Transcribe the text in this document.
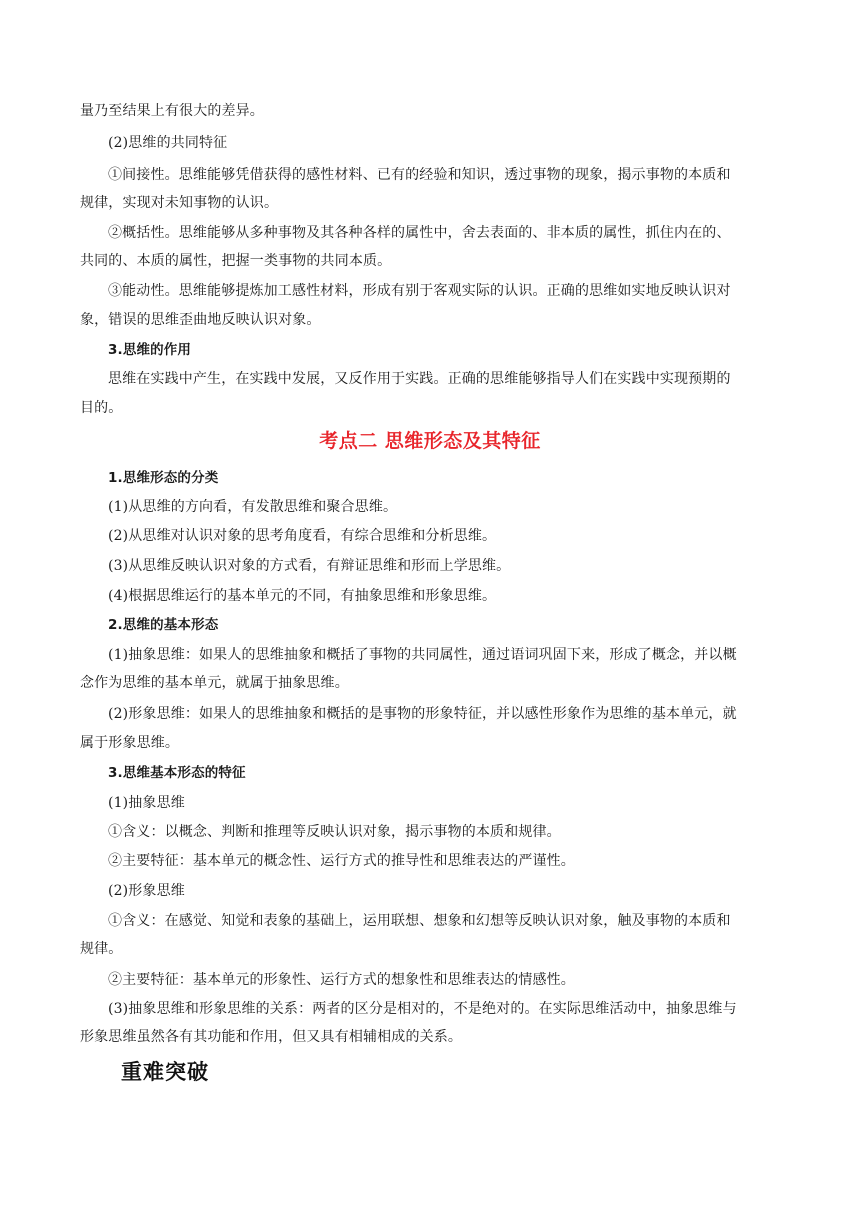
量乃至结果上有很大的差异。
(2)思维的共同特征
①间接性。思维能够凭借获得的感性材料、已有的经验和知识，透过事物的现象，揭示事物的本质和
规律，实现对未知事物的认识。
②概括性。思维能够从多种事物及其各种各样的属性中，舍去表面的、非本质的属性，抓住内在的、
共同的、本质的属性，把握一类事物的共同本质。
③能动性。思维能够提炼加工感性材料，形成有别于客观实际的认识。正确的思维如实地反映认识对
象，错误的思维歪曲地反映认识对象。
3.思维的作用
思维在实践中产生，在实践中发展，又反作用于实践。正确的思维能够指导人们在实践中实现预期的
目的。
考点二 思维形态及其特征
1.思维形态的分类
(1)从思维的方向看，有发散思维和聚合思维。
(2)从思维对认识对象的思考角度看，有综合思维和分析思维。
(3)从思维反映认识对象的方式看，有辩证思维和形而上学思维。
(4)根据思维运行的基本单元的不同，有抽象思维和形象思维。
2.思维的基本形态
(1)抽象思维：如果人的思维抽象和概括了事物的共同属性，通过语词巩固下来，形成了概念，并以概
念作为思维的基本单元，就属于抽象思维。
(2)形象思维：如果人的思维抽象和概括的是事物的形象特征，并以感性形象作为思维的基本单元，就
属于形象思维。
3.思维基本形态的特征
(1)抽象思维
①含义：以概念、判断和推理等反映认识对象，揭示事物的本质和规律。
②主要特征：基本单元的概念性、运行方式的推导性和思维表达的严谨性。
(2)形象思维
①含义：在感觉、知觉和表象的基础上，运用联想、想象和幻想等反映认识对象，触及事物的本质和
规律。
②主要特征：基本单元的形象性、运行方式的想象性和思维表达的情感性。
(3)抽象思维和形象思维的关系：两者的区分是相对的，不是绝对的。在实际思维活动中，抽象思维与
形象思维虽然各有其功能和作用，但又具有相辅相成的关系。
重难突破
